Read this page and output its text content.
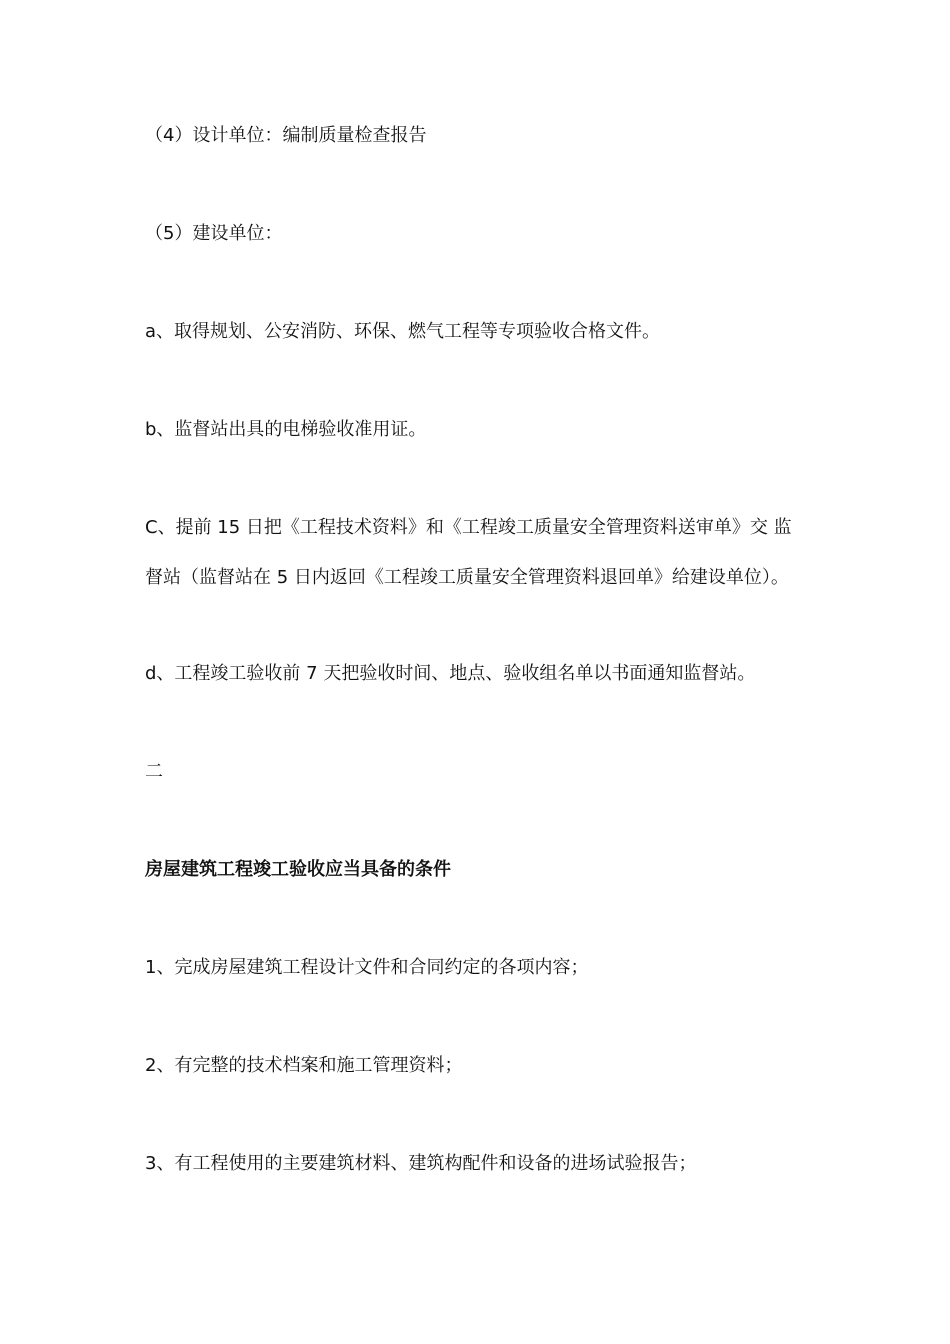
（4）设计单位：编制质量检查报告
（5）建设单位：
a、取得规划、公安消防、环保、燃气工程等专项验收合格文件。
b、监督站出具的电梯验收准用证。
C、提前 15 日把《工程技术资料》和《工程竣工质量安全管理资料送审单》交 监
督站（监督站在 5 日内返回《工程竣工质量安全管理资料退回单》给建设单位）。
d、工程竣工验收前 7 天把验收时间、地点、验收组名单以书面通知监督站。
二
房屋建筑工程竣工验收应当具备的条件
1、完成房屋建筑工程设计文件和合同约定的各项内容；
2、有完整的技术档案和施工管理资料；
3、有工程使用的主要建筑材料、建筑构配件和设备的进场试验报告；
